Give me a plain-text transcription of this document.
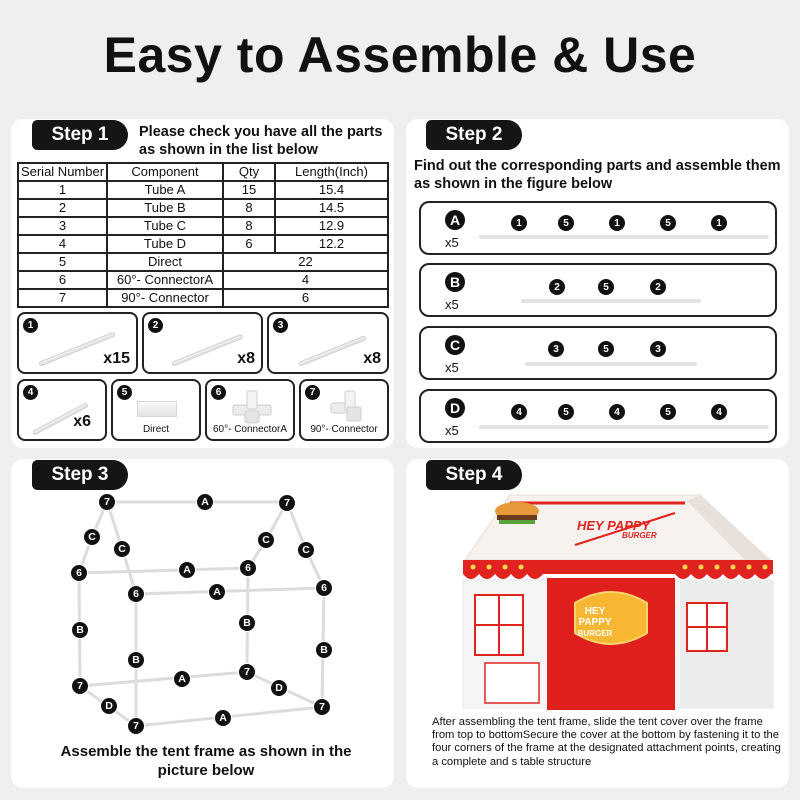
Easy to Assemble & Use
Step 1	Please check you have all the parts as shown in the list below
Serial Number	Component	Qty	Length(Inch)
1	Tube A	15	15.4
2	Tube B	8	14.5
3	Tube C	8	12.9
4	Tube D	6	12.2
5	Direct	22	
6	60°- ConnectorA	4	
7	90°- Connector	6	
1
x15
2
x8
3
x8
4
x6
5
Direct
6
60°- ConnectorA
7
90°- Connector
Step 2
Find out the corresponding parts and assemble them as shown in the figure below
A
x5
1	5	1	5	1
B
x5
2	5	2
C
x5
3	5	3
D
x5
4	5	4	5	4
Step 3
7	A	7
C
C
C
C
6	A	6
6	6
A
B
B
B
B
7
A
7
D
D
7
A
7
Assemble the tent frame as shown in the picture below
Step 4
HEY PAPPY
BURGER
HEY
PAPPY
BURGER
After assembling the tent frame, slide the tent cover over the frame from top to bottomSecure the cover at the bottom by fastening it to the four corners of the frame at the designated attachment points, creating a complete and s table structure
